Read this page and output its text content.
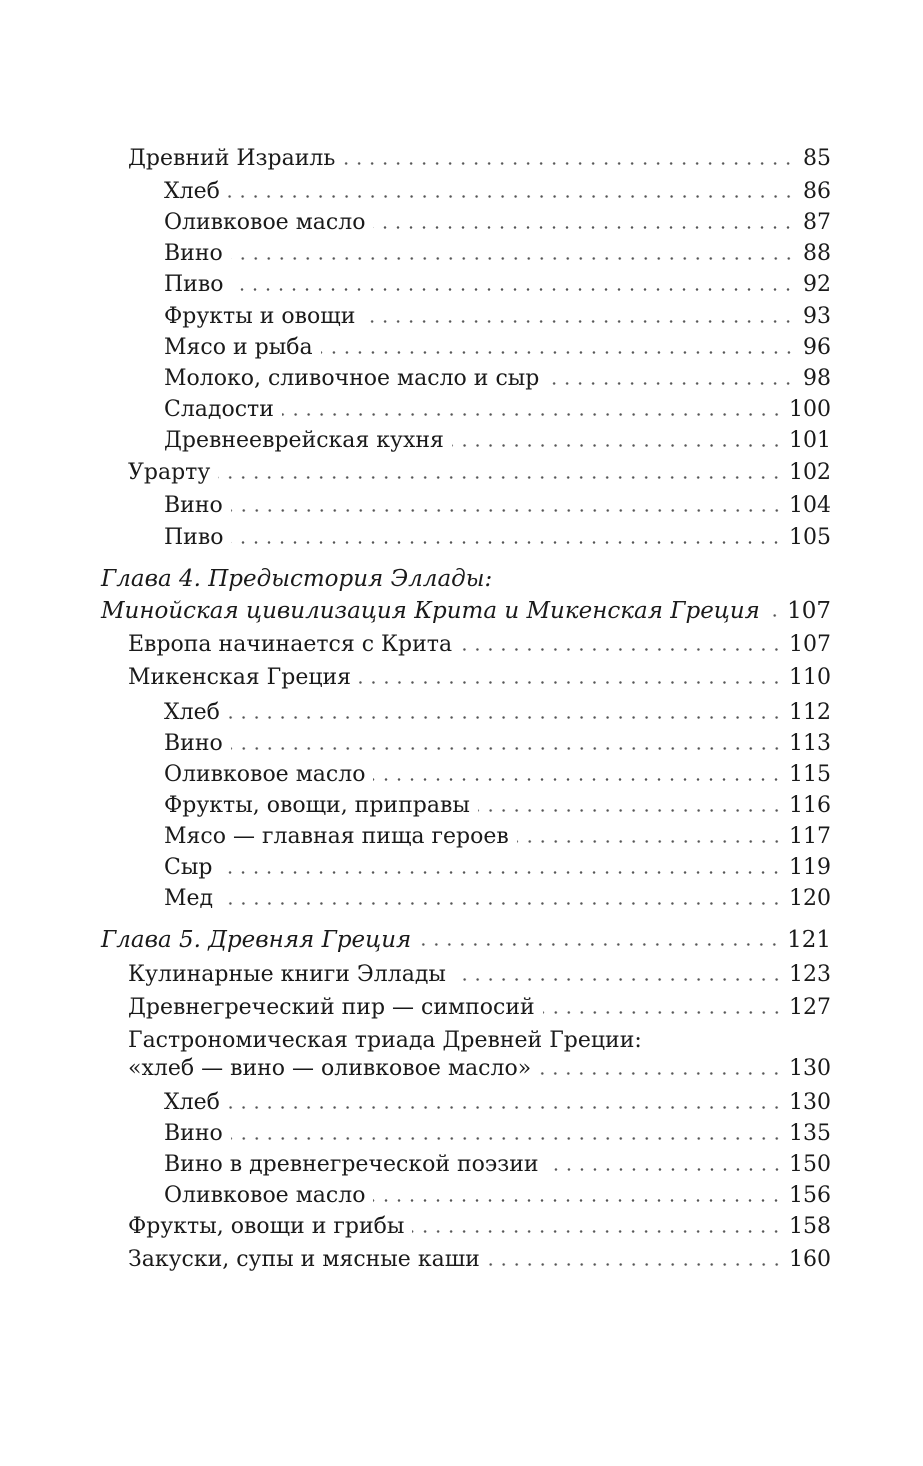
Древний Израиль	85
Хлеб	86
Оливковое масло	87
Вино	88
Пиво	92
Фрукты и овощи	93
Мясо и рыба	96
Молоко, сливочное масло и сыр	98
Сладости	100
Древнееврейская кухня	101
Урарту	102
Вино	104
Пиво	105
Глава 4. Предыстория Эллады:
Минойская цивилизация Крита и Микенская Греция 107
Европа начинается с Крита	107
Микенская Греция	110
Хлеб	112
Вино	113
Оливковое масло	115
Фрукты, овощи, приправы	116
Мясо — главная пища героев	117
Сыр	119
Мед	120
Глава 5. Древняя Греция	121
Кулинарные книги Эллады	123
Древнегреческий пир — симпосий	127
Гастрономическая триада Древней Греции:
«хлеб — вино — оливковое масло»	130
Хлеб	130
Вино	135
Вино в древнегреческой поэзии	150
Оливковое масло	156
Фрукты, овощи и грибы	158
Закуски, супы и мясные каши	160
